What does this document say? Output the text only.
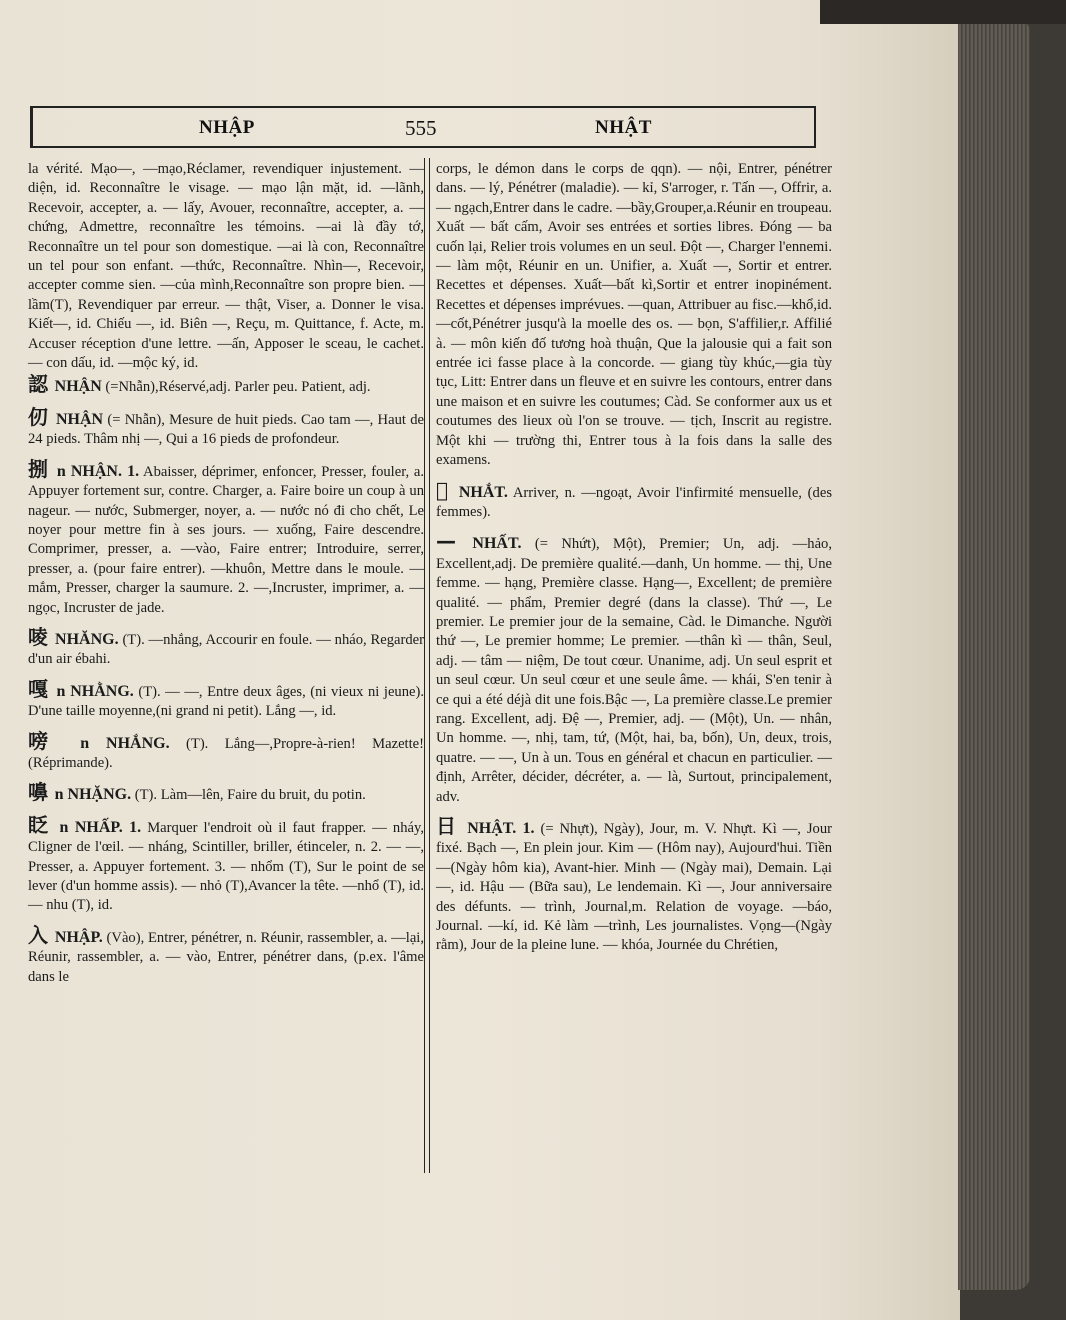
NHẬP	555	NHẬT
la vérité. Mạo—, —mạo,Réclamer, revendiquer injustement. — diện, id. Reconnaître le visage. — mạo lận mặt, id. —lãnh, Recevoir, accepter, a. — lấy, Avouer, reconnaître, accepter, a. — chứng, Admettre, reconnaître les témoins. —ai là đầy tớ, Reconnaître un tel pour son domestique. —ai là con, Reconnaître un tel pour son enfant. —thức, Reconnaître. Nhìn—, Recevoir, accepter comme sien. —của mình,Reconnaître son propre bien. — lầm(T), Revendiquer par erreur. — thật, Viser, a. Donner le visa. Kiết—, id. Chiếu —, id. Biên —, Reçu, m. Quittance, f. Acte, m. Accuser réception d'une lettre. —ấn, Apposer le sceau, le cachet. — con dấu, id. —mộc ký, id.
認 NHẬN (=Nhẫn),Réservé,adj. Parler peu. Patient, adj.
仞 NHẬN (= Nhẫn), Mesure de huit pieds. Cao tam —, Haut de 24 pieds. Thâm nhị —, Qui a 16 pieds de profondeur.
捌 n NHẬN. 1. Abaisser, déprimer, enfoncer, Presser, fouler, a. Appuyer fortement sur, contre. Charger, a. Faire boire un coup à un nageur. — nước, Submerger, noyer, a. — nước nó đi cho chết, Le noyer pour mettre fin à ses jours. — xuống, Faire descendre. Comprimer, presser, a. —vào, Faire entrer; Introduire, serrer, presser, a. (pour faire entrer). —khuôn, Mettre dans le moule. —mắm, Presser, charger la saumure. 2. —,Incruster, imprimer, a. —ngọc, Incruster de jade.
㖫 NHĂNG. (T). —nhắng, Accourir en foule. — nháo, Regarder d'un air ébahi.
嘎 n NHẰNG. (T). — —, Entre deux âges, (ni vieux ni jeune). D'une taille moyenne,(ni grand ni petit). Lắng —, id.
嗙 n NHẮNG. (T). Lắng—,Propre-à-rien! Mazette! (Réprimande).
嚊 n NHẶNG. (T). Làm—lên, Faire du bruit, du potin.
眨 n NHẤP. 1. Marquer l'endroit où il faut frapper. — nháy, Cligner de l'œil. — nháng, Scintiller, briller, étinceler, n. 2. — —, Presser, a. Appuyer fortement. 3. — nhổm (T), Sur le point de se lever (d'un homme assis). — nhỏ (T),Avancer la tête. —nhổ (T), id. — nhu (T), id.
入 NHẬP. (Vào), Entrer, pénétrer, n. Réunir, rassembler, a. —lại, Réunir, rassembler, a. — vào, Entrer, pénétrer dans, (p.ex. l'âme dans le
corps, le démon dans le corps de qqn). — nội, Entrer, pénétrer dans. — lý, Pénétrer (maladie). — kỉ, S'arroger, r. Tấn —, Offrir, a. — ngạch,Entrer dans le cadre. —bầy,Grouper,a.Réunir en troupeau. Xuất — bất cấm, Avoir ses entrées et sorties libres. Đóng — ba cuốn lại, Relier trois volumes en un seul. Đột —, Charger l'ennemi. — làm một, Réunir en un. Unifier, a. Xuất —, Sortir et entrer. Recettes et dépenses. Xuất—bất kì,Sortir et entrer inopinément. Recettes et dépenses imprévues. —quan, Attribuer au fisc.—khổ,id.—cốt,Pénétrer jusqu'à la moelle des os. — bọn, S'affilier,r. Affilié à. — môn kiến đố tương hoà thuận, Que la jalousie qui a fait son entrée ici fasse place à la concorde. — giang tùy khúc,—gia tùy tục, Litt: Entrer dans un fleuve et en suivre les contours, entrer dans une maison et en suivre les coutumes; Càd. Se conformer aux us et coutumes des lieux où l'on se trouve. — tịch, Inscrit au registre. Một khi — trường thi, Entrer tous à la fois dans la salle des examens.
𤴬 NHẮT. Arriver, n. —ngoạt, Avoir l'infirmité mensuelle, (des femmes).
— NHẤT. (= Nhứt), Một), Premier; Un, adj. —hảo, Excellent,adj. De première qualité.—danh, Un homme. — thị, Une femme. — hạng, Première classe. Hạng—, Excellent; de première qualité. — phẩm, Premier degré (dans la classe). Thứ —, Le premier. Le premier jour de la semaine, Càd. le Dimanche. Người thứ —, Le premier homme; Le premier. —thân kì — thân, Seul, adj. — tâm — niệm, De tout cœur. Unanime, adj. Un seul esprit et un seul cœur. Un seul cœur et une seule âme. — khái, S'en tenir à ce qui a été déjà dit une fois.Bậc —, La première classe.Le premier rang. Excellent, adj. Đệ —, Premier, adj. — (Một), Un. — nhân, Un homme. —, nhị, tam, tứ, (Một, hai, ba, bốn), Un, deux, trois, quatre. — —, Un à un. Tous en général et chacun en particulier. — định, Arrêter, décider, décréter, a. — là, Surtout, principalement, adv.
日 NHẬT. 1. (= Nhựt), Ngày), Jour, m. V. Nhựt. Kì —, Jour fixé. Bạch —, En plein jour. Kim — (Hôm nay), Aujourd'hui. Tiền—(Ngày hôm kia), Avant-hier. Minh — (Ngày mai), Demain. Lại —, id. Hậu — (Bữa sau), Le lendemain. Kì —, Jour anniversaire des défunts. — trình, Journal,m. Relation de voyage. —báo, Journal. —kí, id. Kẻ làm —trình, Les journalistes. Vọng—(Ngày rằm), Jour de la pleine lune. — khóa, Journée du Chrétien,
